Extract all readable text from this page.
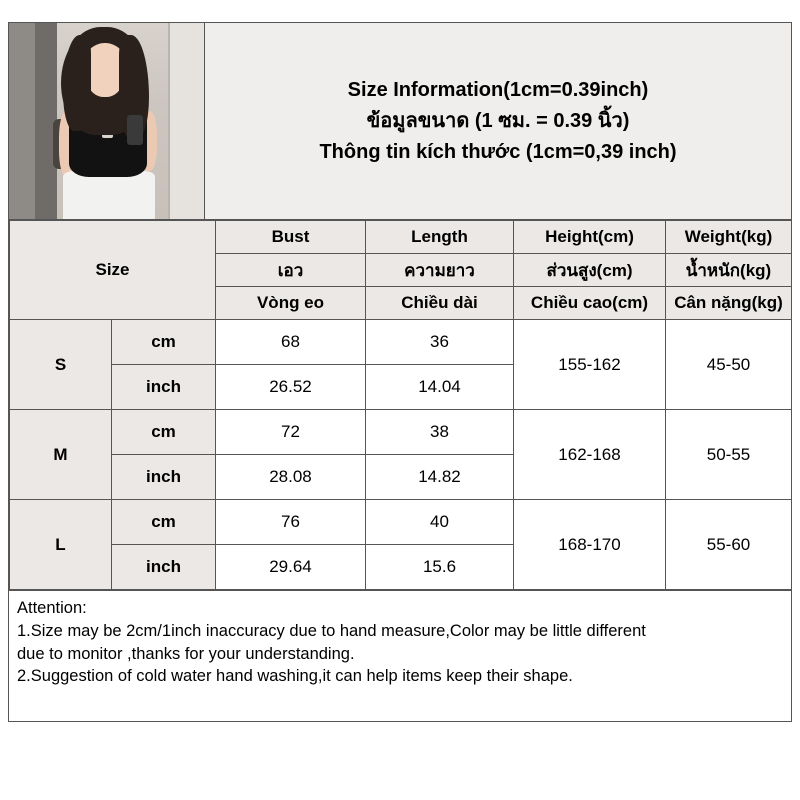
Size Information(1cm=0.39inch)
ข้อมูลขนาด (1 ซม. = 0.39 นิ้ว)
Thông tin kích thước (1cm=0,39 inch)
Size		Bust	Length	Height(cm)	Weight(kg)
		เอว	ความยาว	ส่วนสูง(cm)	น้ำหนัก(kg)
		Vòng eo	Chiều dài	Chiều cao(cm)	Cân nặng(kg)
S	cm	68	36	155-162	45-50
	inch	26.52	14.04		
M	cm	72	38	162-168	50-55
	inch	28.08	14.82		
L	cm	76	40	168-170	55-60
	inch	29.64	15.6		

Attention:

1.Size may be 2cm/1inch inaccuracy due to hand measure,Color may be little different

due to monitor ,thanks for your understanding.

2.Suggestion of cold water hand washing,it can help items keep their shape.
